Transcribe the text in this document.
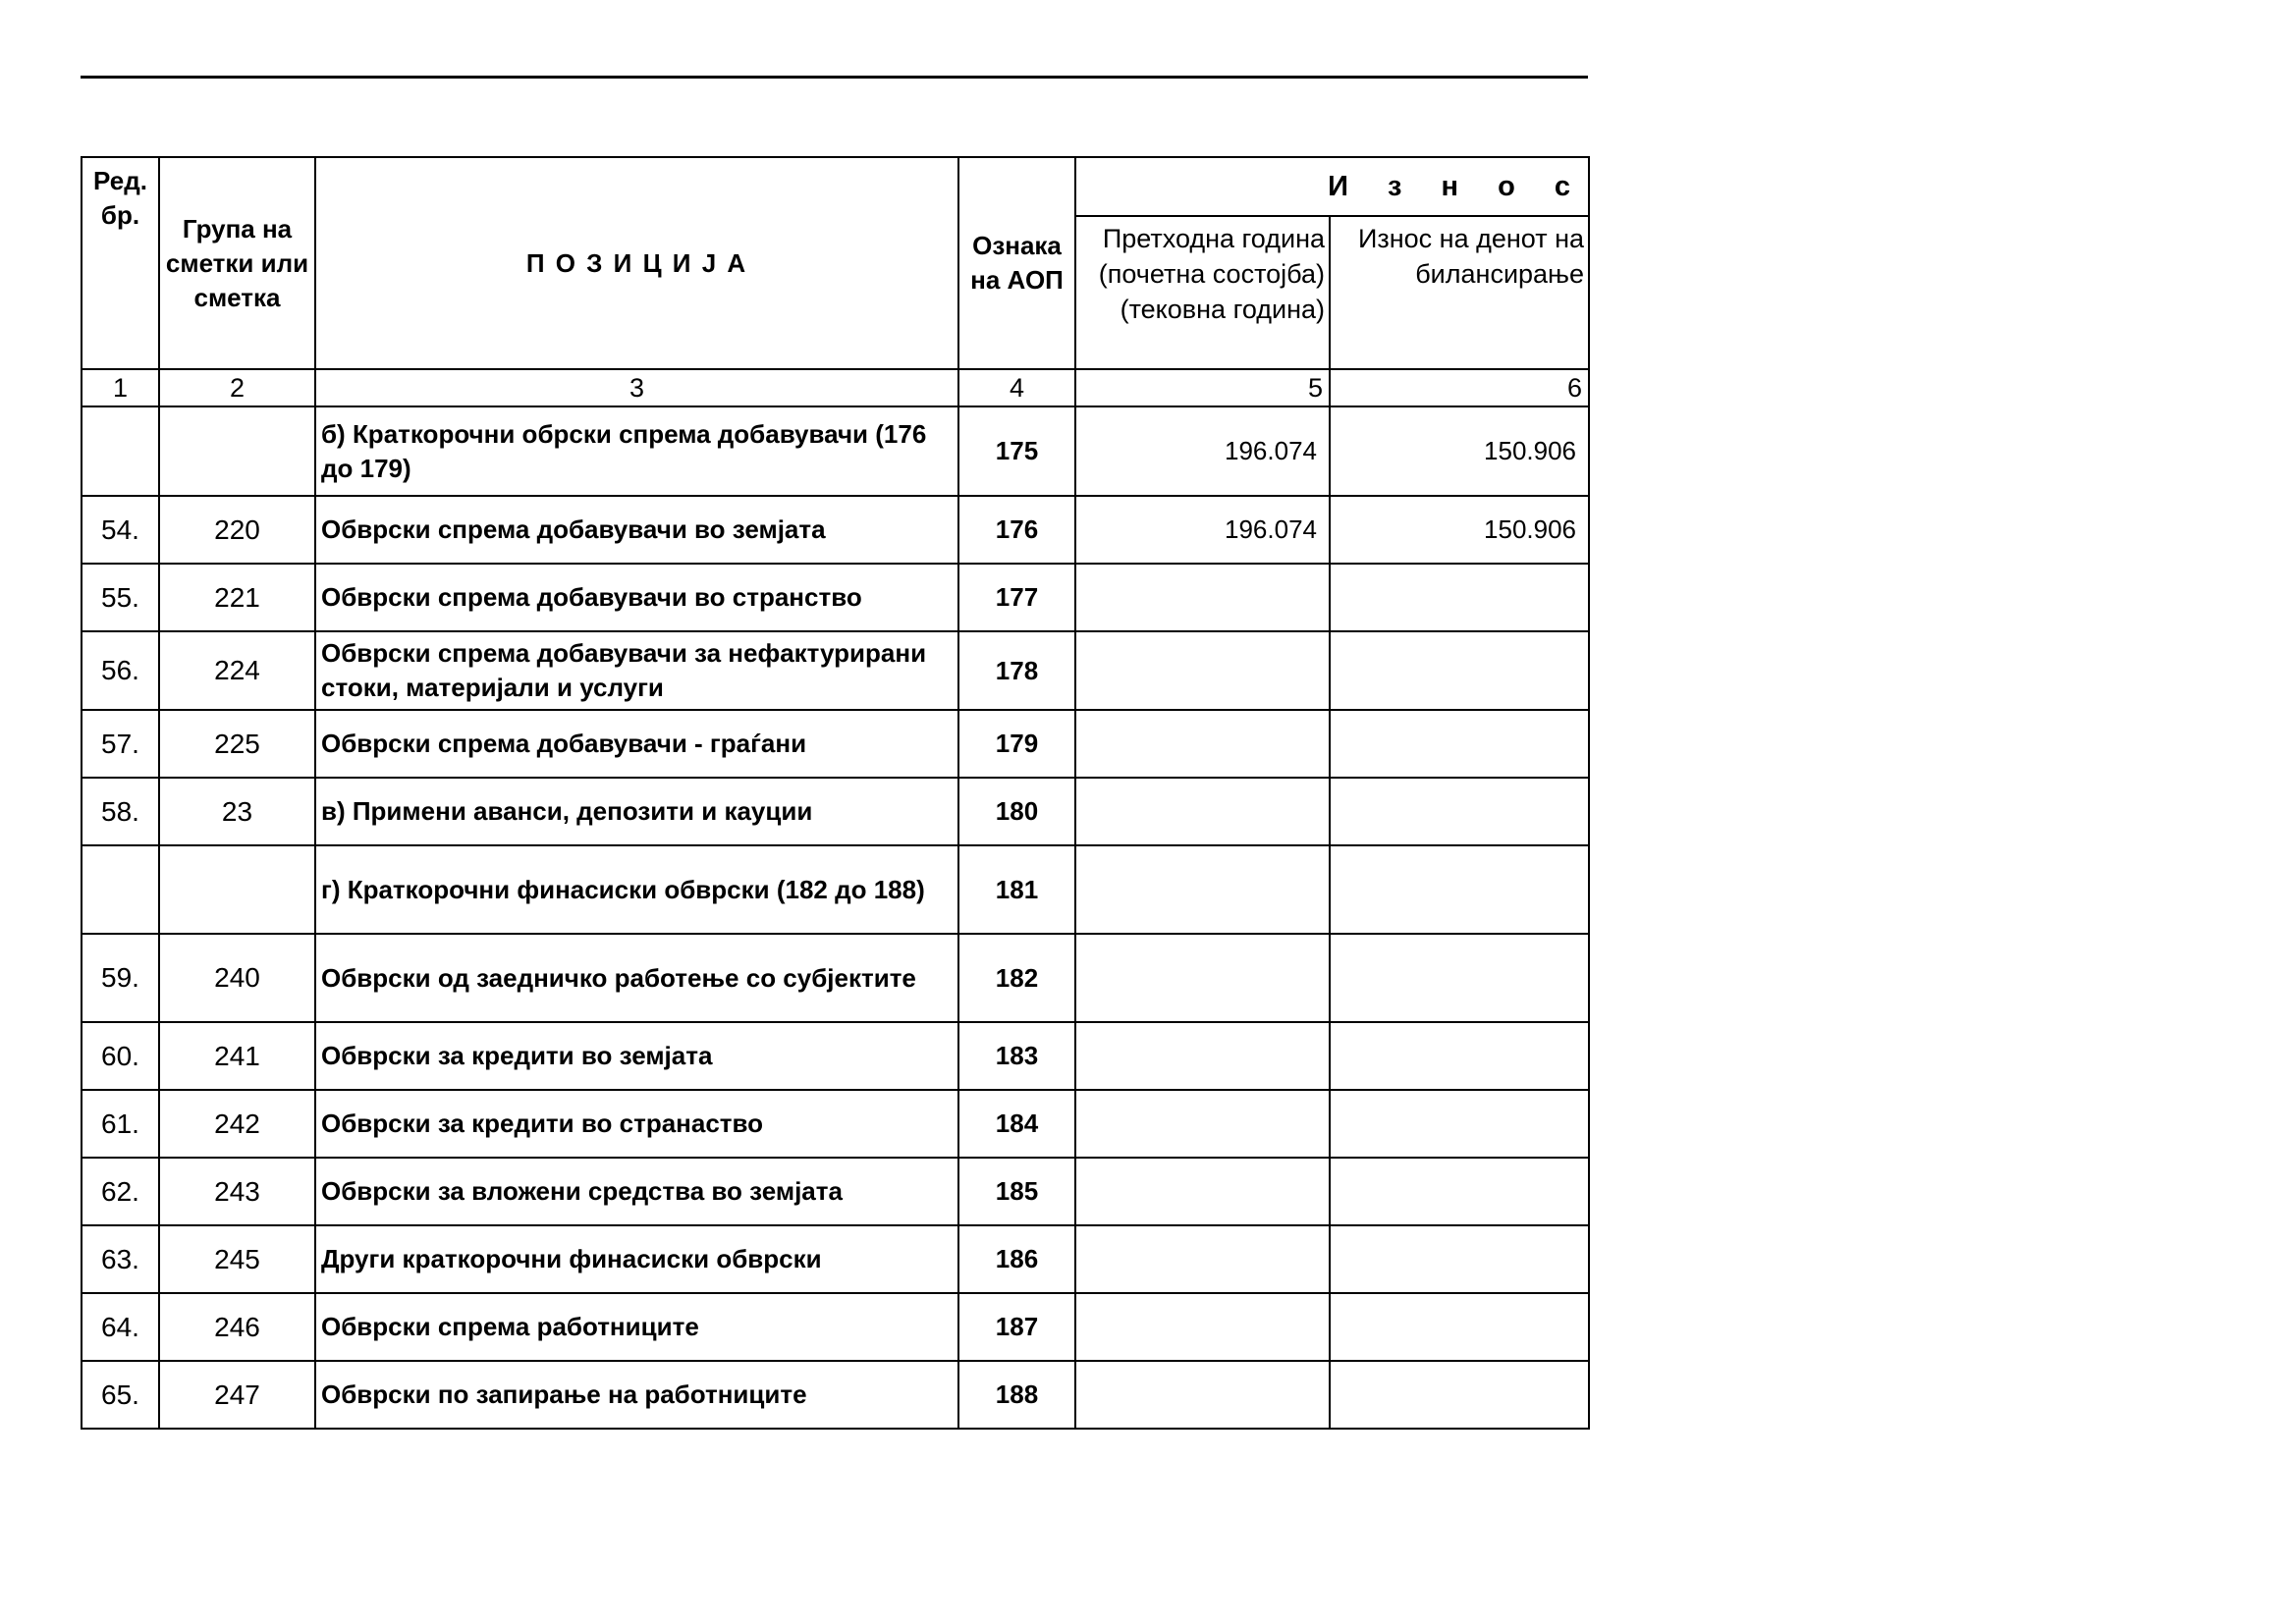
Ред. бр.	Група на сметки или сметка	П О З И Ц И Ј А	Ознака на АОП	И з н о с	
				Претходна година (почетна состојба) (тековна година)	Износ на денот на билансирање
1	2	3	4	5	6
		б) Краткорочни обрски спрема добавувачи (176 до 179)	175	196.074	150.906
54.	220	Обврски спрема добавувачи во земјата	176	196.074	150.906
55.	221	Обврски спрема добавувачи во странство	177		
56.	224	Обврски спрема добавувачи за нефактурирани стоки, материјали и услуги	178		
57.	225	Обврски спрема добавувачи - граѓани	179		
58.	23	в) Примени аванси, депозити и кауции	180		
		г) Краткорочни финасиски обврски (182 до 188)	181		
59.	240	Обврски од заедничко работење со субјектите	182		
60.	241	Обврски за кредити во земјата	183		
61.	242	Обврски за кредити во странаство	184		
62.	243	Обврски за вложени средства во земјата	185		
63.	245	Други краткорочни финасиски обврски	186		
64.	246	Обврски спрема работниците	187		
65.	247	Обврски по запирање на работниците	188		
